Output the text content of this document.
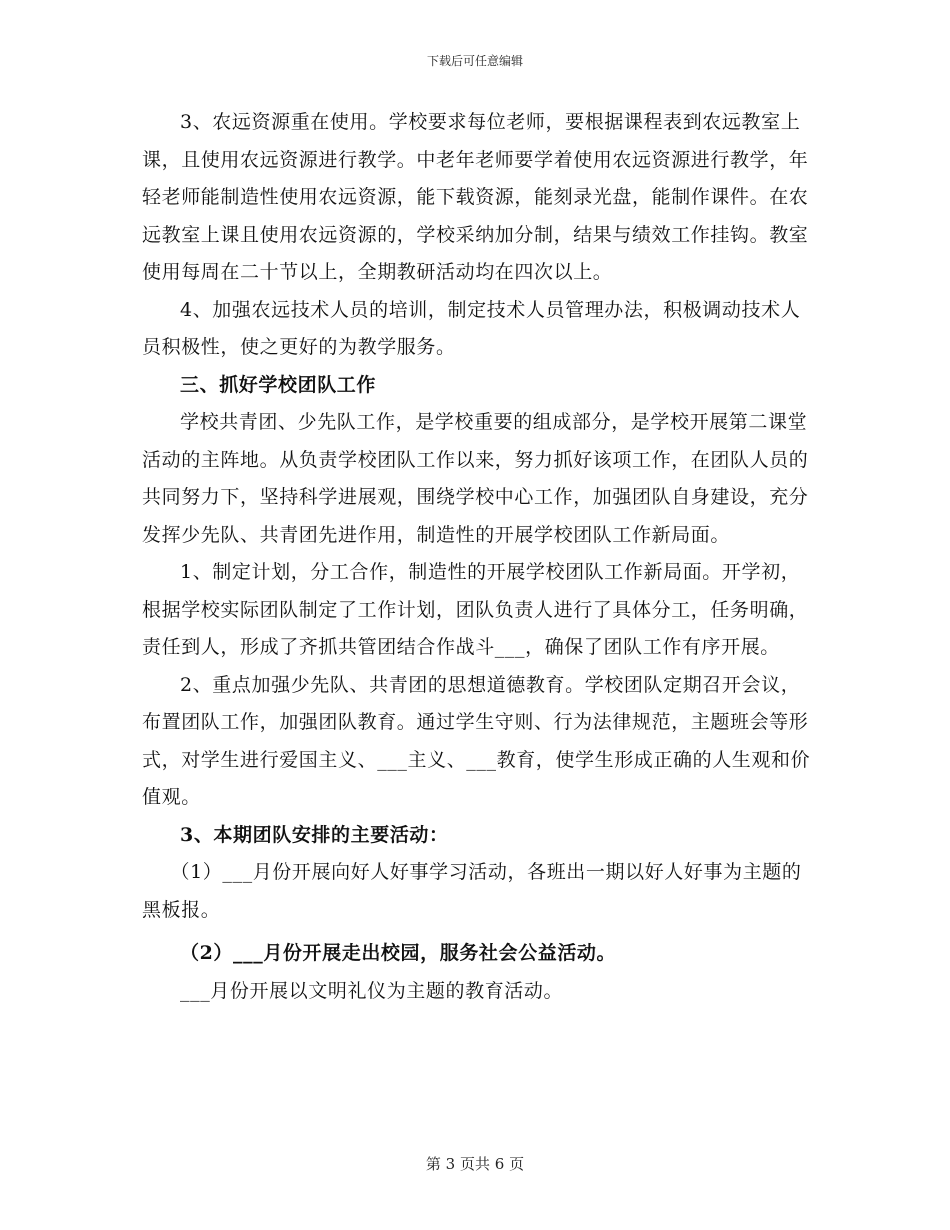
下载后可任意编辑

3、农远资源重在使用。学校要求每位老师，要根据课程表到农远教室上课，且使用农远资源进行教学。中老年老师要学着使用农远资源进行教学，年轻老师能制造性使用农远资源，能下载资源，能刻录光盘，能制作课件。在农远教室上课且使用农远资源的，学校采纳加分制，结果与绩效工作挂钩。教室使用每周在二十节以上，全期教研活动均在四次以上。

4、加强农远技术人员的培训，制定技术人员管理办法，积极调动技术人员积极性，使之更好的为教学服务。

三、抓好学校团队工作

学校共青团、少先队工作，是学校重要的组成部分，是学校开展第二课堂活动的主阵地。从负责学校团队工作以来，努力抓好该项工作，在团队人员的共同努力下，坚持科学进展观，围绕学校中心工作，加强团队自身建设，充分发挥少先队、共青团先进作用，制造性的开展学校团队工作新局面。

1、制定计划，分工合作，制造性的开展学校团队工作新局面。开学初，根据学校实际团队制定了工作计划，团队负责人进行了具体分工，任务明确，责任到人，形成了齐抓共管团结合作战斗___，确保了团队工作有序开展。

2、重点加强少先队、共青团的思想道德教育。学校团队定期召开会议，布置团队工作，加强团队教育。通过学生守则、行为法律规范，主题班会等形式，对学生进行爱国主义、___主义、___教育，使学生形成正确的人生观和价值观。

3、本期团队安排的主要活动：

（1）___月份开展向好人好事学习活动，各班出一期以好人好事为主题的黑板报。

（2）___月份开展走出校园，服务社会公益活动。

___月份开展以文明礼仪为主题的教育活动。

第 3 页共 6 页
